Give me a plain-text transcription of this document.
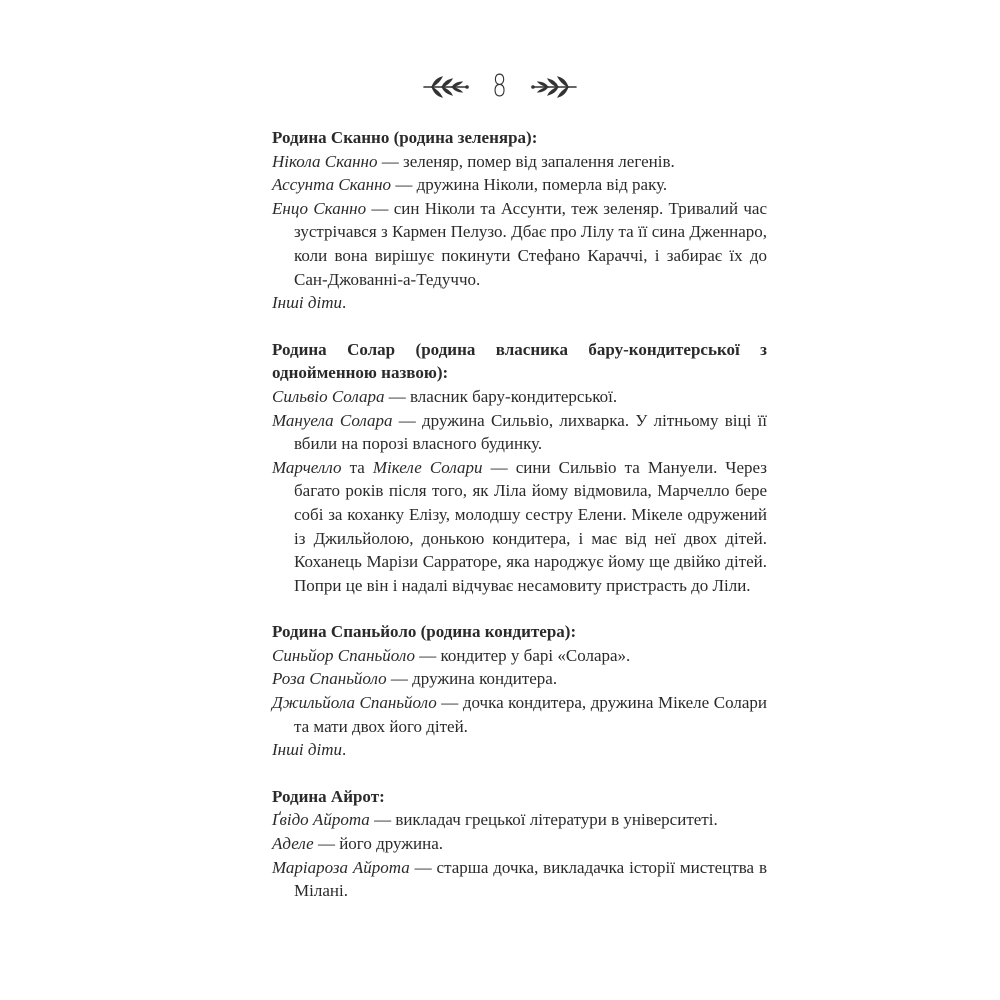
8
Родина Сканно (родина зеленяра):
Нікола Сканно — зеленяр, помер від запалення легенів.
Ассунта Сканно — дружина Ніколи, померла від раку.
Енцо Сканно — син Ніколи та Ассунти, теж зеленяр. Тривалий час зустрічався з Кармен Пелузо. Дбає про Лілу та її сина Дженнаро, коли вона вирішує покинути Стефано Караччі, і забирає їх до Сан-Джованні-а-Тедуччо.
Інші діти.
Родина Солар (родина власника бару-кондитерської з однойменною назвою):
Сильвіо Солара — власник бару-кондитерської.
Мануела Солара — дружина Сильвіо, лихварка. У літньому віці її вбили на порозі власного будинку.
Марчелло та Мікеле Солари — сини Сильвіо та Мануели. Через багато років після того, як Ліла йому відмовила, Марчелло бере собі за коханку Елізу, молодшу сестру Елени. Мікеле одружений із Джильйолою, донькою кондитера, і має від неї двох дітей. Коханець Марізи Сарраторе, яка народжує йому ще двійко дітей. Попри це він і надалі відчуває несамовиту пристрасть до Ліли.
Родина Спаньйоло (родина кондитера):
Синьйор Спаньйоло — кондитер у барі «Солара».
Роза Спаньйоло — дружина кондитера.
Джильйола Спаньйоло — дочка кондитера, дружина Мікеле Солари та мати двох його дітей.
Інші діти.
Родина Айрот:
Ґвідо Айрота — викладач грецької літератури в університеті.
Аделе — його дружина.
Маріароза Айрота — старша дочка, викладачка історії мистецтва в Мілані.
